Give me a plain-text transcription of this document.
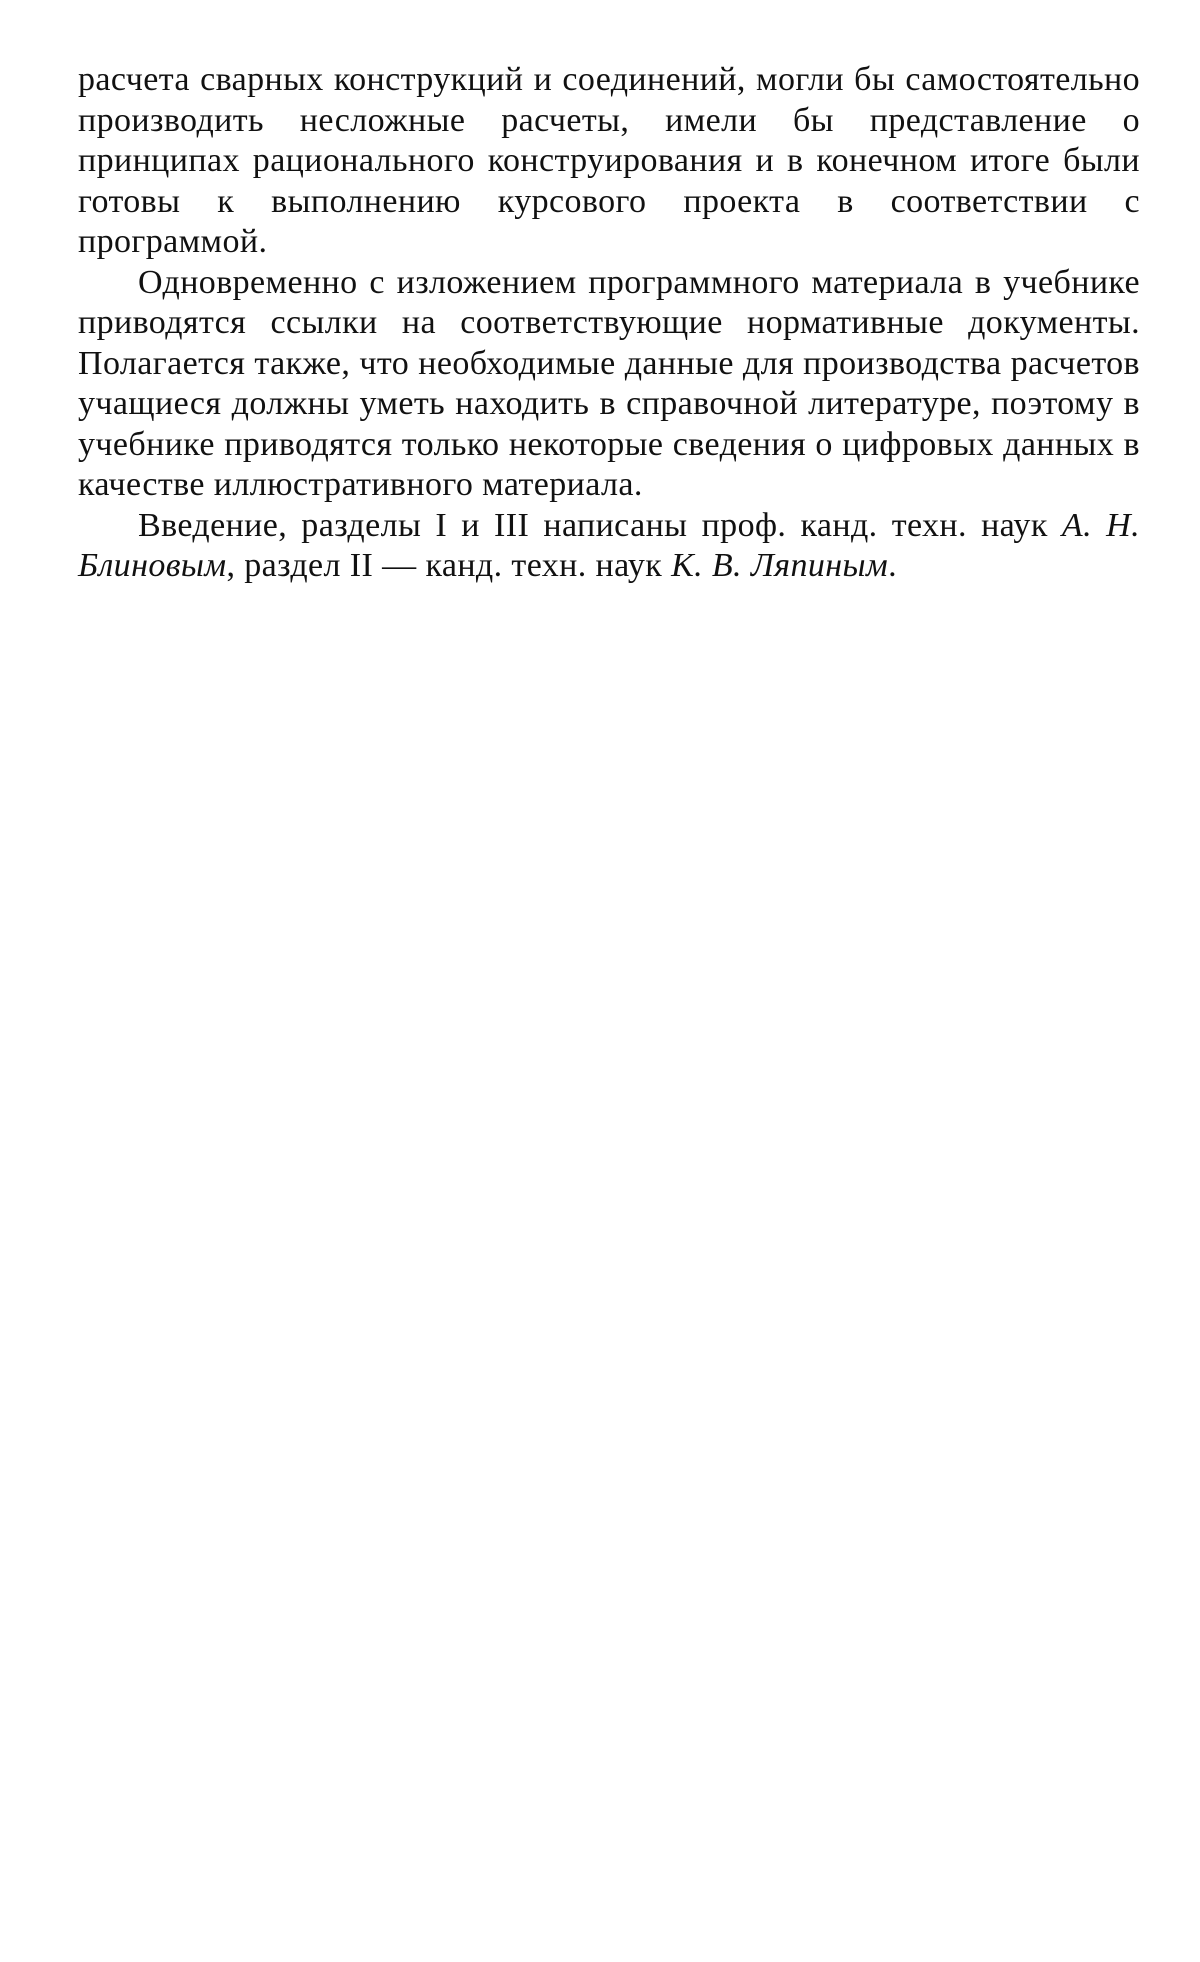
расчета сварных конструкций и соединений, могли бы самостоятельно производить несложные расчеты, имели бы представление о принципах рационального конструирования и в конечном итоге были готовы к выполнению курсового проекта в соответствии с программой.

Одновременно с изложением программного материала в учебнике приводятся ссылки на соответствующие нормативные документы. Полагается также, что необходимые данные для производства расчетов учащиеся должны уметь находить в справочной литературе, поэтому в учебнике приводятся только некоторые сведения о цифровых данных в качестве иллюстративного материала.

Введение, разделы I и III написаны проф. канд. техн. наук А. Н. Блиновым, раздел II — канд. техн. наук К. В. Ляпиным.
